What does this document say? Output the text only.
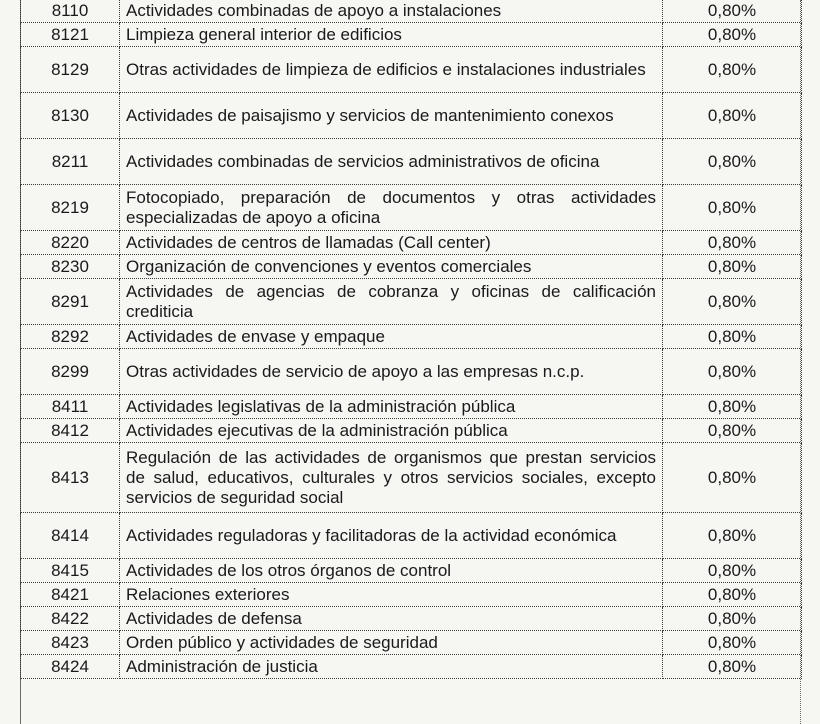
8110	Actividades combinadas de apoyo a instalaciones	0,80%
8121	Limpieza general interior de edificios	0,80%
8129	Otras actividades de limpieza de edificios e instalaciones industriales	0,80%
8130	Actividades de paisajismo y servicios de mantenimiento conexos	0,80%
8211	Actividades combinadas de servicios administrativos de oficina	0,80%
8219	Fotocopiado, preparación de documentos y otras actividades especializadas de apoyo a oficina	0,80%
8220	Actividades de centros de llamadas (Call center)	0,80%
8230	Organización de convenciones y eventos comerciales	0,80%
8291	Actividades de agencias de cobranza y oficinas de calificación crediticia	0,80%
8292	Actividades de envase y empaque	0,80%
8299	Otras actividades de servicio de apoyo a las empresas n.c.p.	0,80%
8411	Actividades legislativas de la administración pública	0,80%
8412	Actividades ejecutivas de la administración pública	0,80%
8413	Regulación de las actividades de organismos que prestan servicios de salud, educativos, culturales y otros servicios sociales, excepto servicios de seguridad social	0,80%
8414	Actividades reguladoras y facilitadoras de la actividad económica	0,80%
8415	Actividades de los otros órganos de control	0,80%
8421	Relaciones exteriores	0,80%
8422	Actividades de defensa	0,80%
8423	Orden público y actividades de seguridad	0,80%
8424	Administración de justicia	0,80%
